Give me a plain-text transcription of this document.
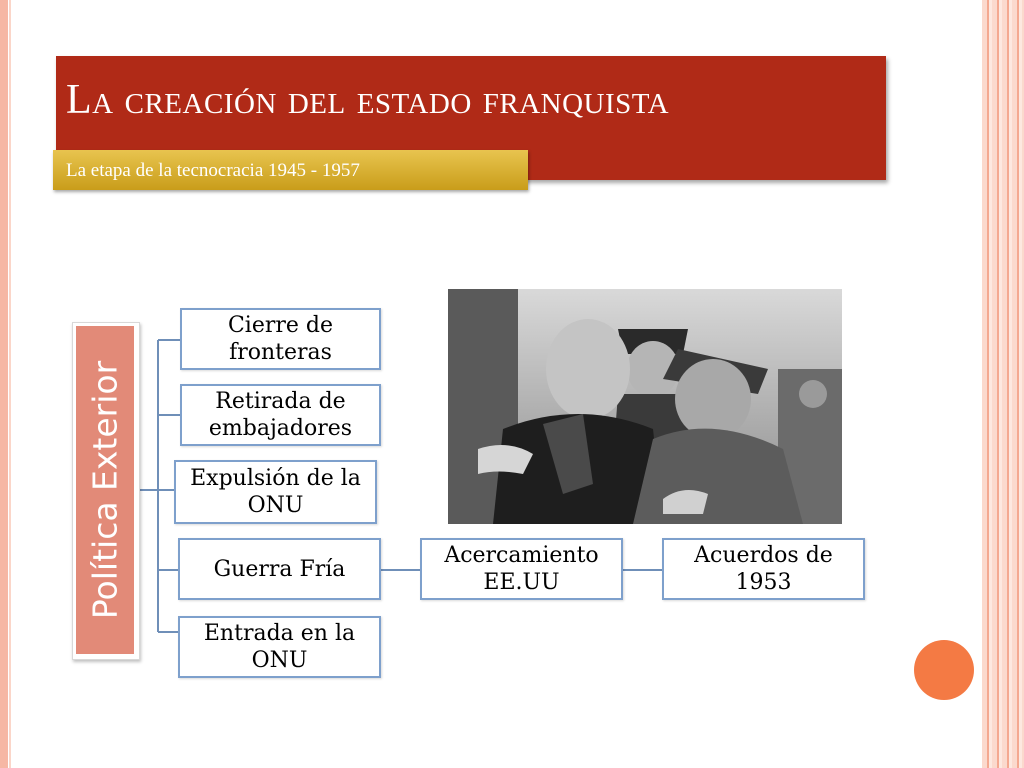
La creación del estado franquista
La etapa de la tecnocracia 1945 - 1957
Política Exterior
Cierre de fronteras
Retirada de embajadores
Expulsión de la ONU
Guerra Fría
Entrada en la ONU
Acercamiento EE.UU
Acuerdos de 1953
